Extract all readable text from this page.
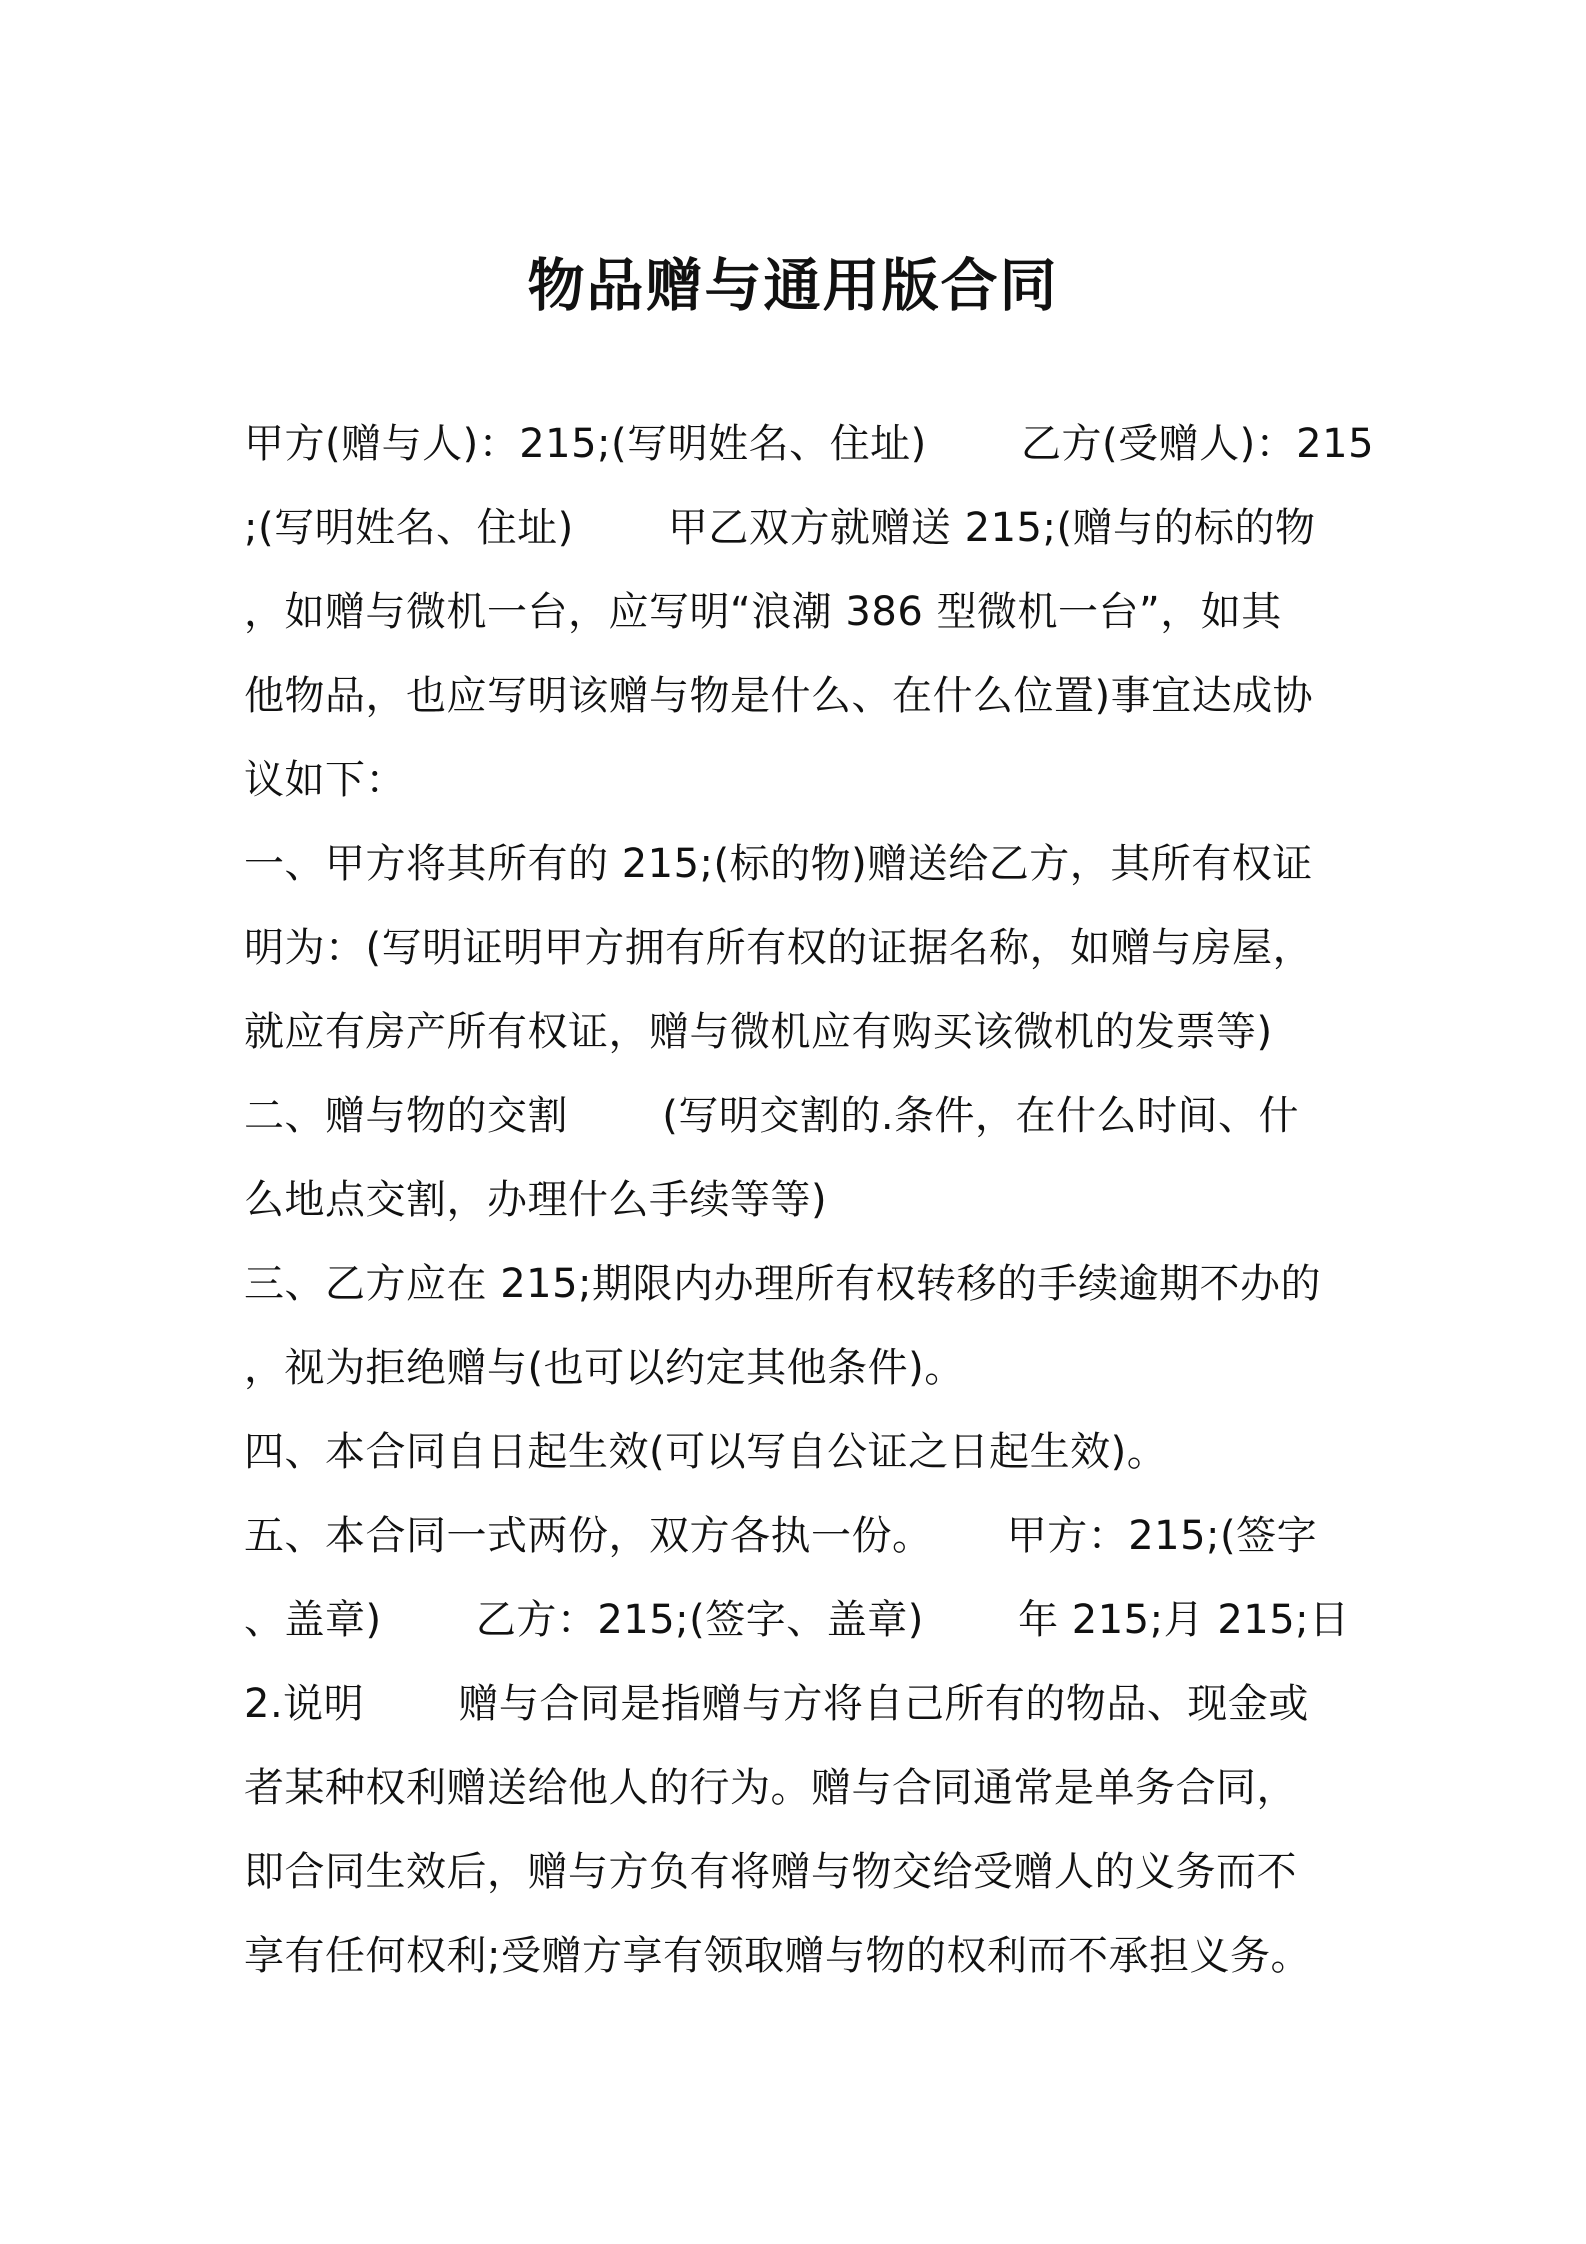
物品赠与通用版合同
甲方(赠与人)：215;(写明姓名、住址)　　 乙方(受赠人)：215
;(写明姓名、住址)　　 甲乙双方就赠送 215;(赠与的标的物
，如赠与微机一台，应写明“浪潮 386 型微机一台”，如其
他物品，也应写明该赠与物是什么、在什么位置)事宜达成协
议如下：
一、甲方将其所有的 215;(标的物)赠送给乙方，其所有权证
明为：(写明证明甲方拥有所有权的证据名称，如赠与房屋，
就应有房产所有权证，赠与微机应有购买该微机的发票等)
二、赠与物的交割　　 (写明交割的.条件，在什么时间、什
么地点交割，办理什么手续等等)
三、乙方应在 215;期限内办理所有权转移的手续逾期不办的
，视为拒绝赠与(也可以约定其他条件)。
四、本合同自日起生效(可以写自公证之日起生效)。
五、本合同一式两份，双方各执一份。　　 甲方：215;(签字
、盖章)　　 乙方：215;(签字、盖章)　　 年 215;月 215;日
2.说明　　 赠与合同是指赠与方将自己所有的物品、现金或
者某种权利赠送给他人的行为。赠与合同通常是单务合同，
即合同生效后，赠与方负有将赠与物交给受赠人的义务而不
享有任何权利;受赠方享有领取赠与物的权利而不承担义务。
